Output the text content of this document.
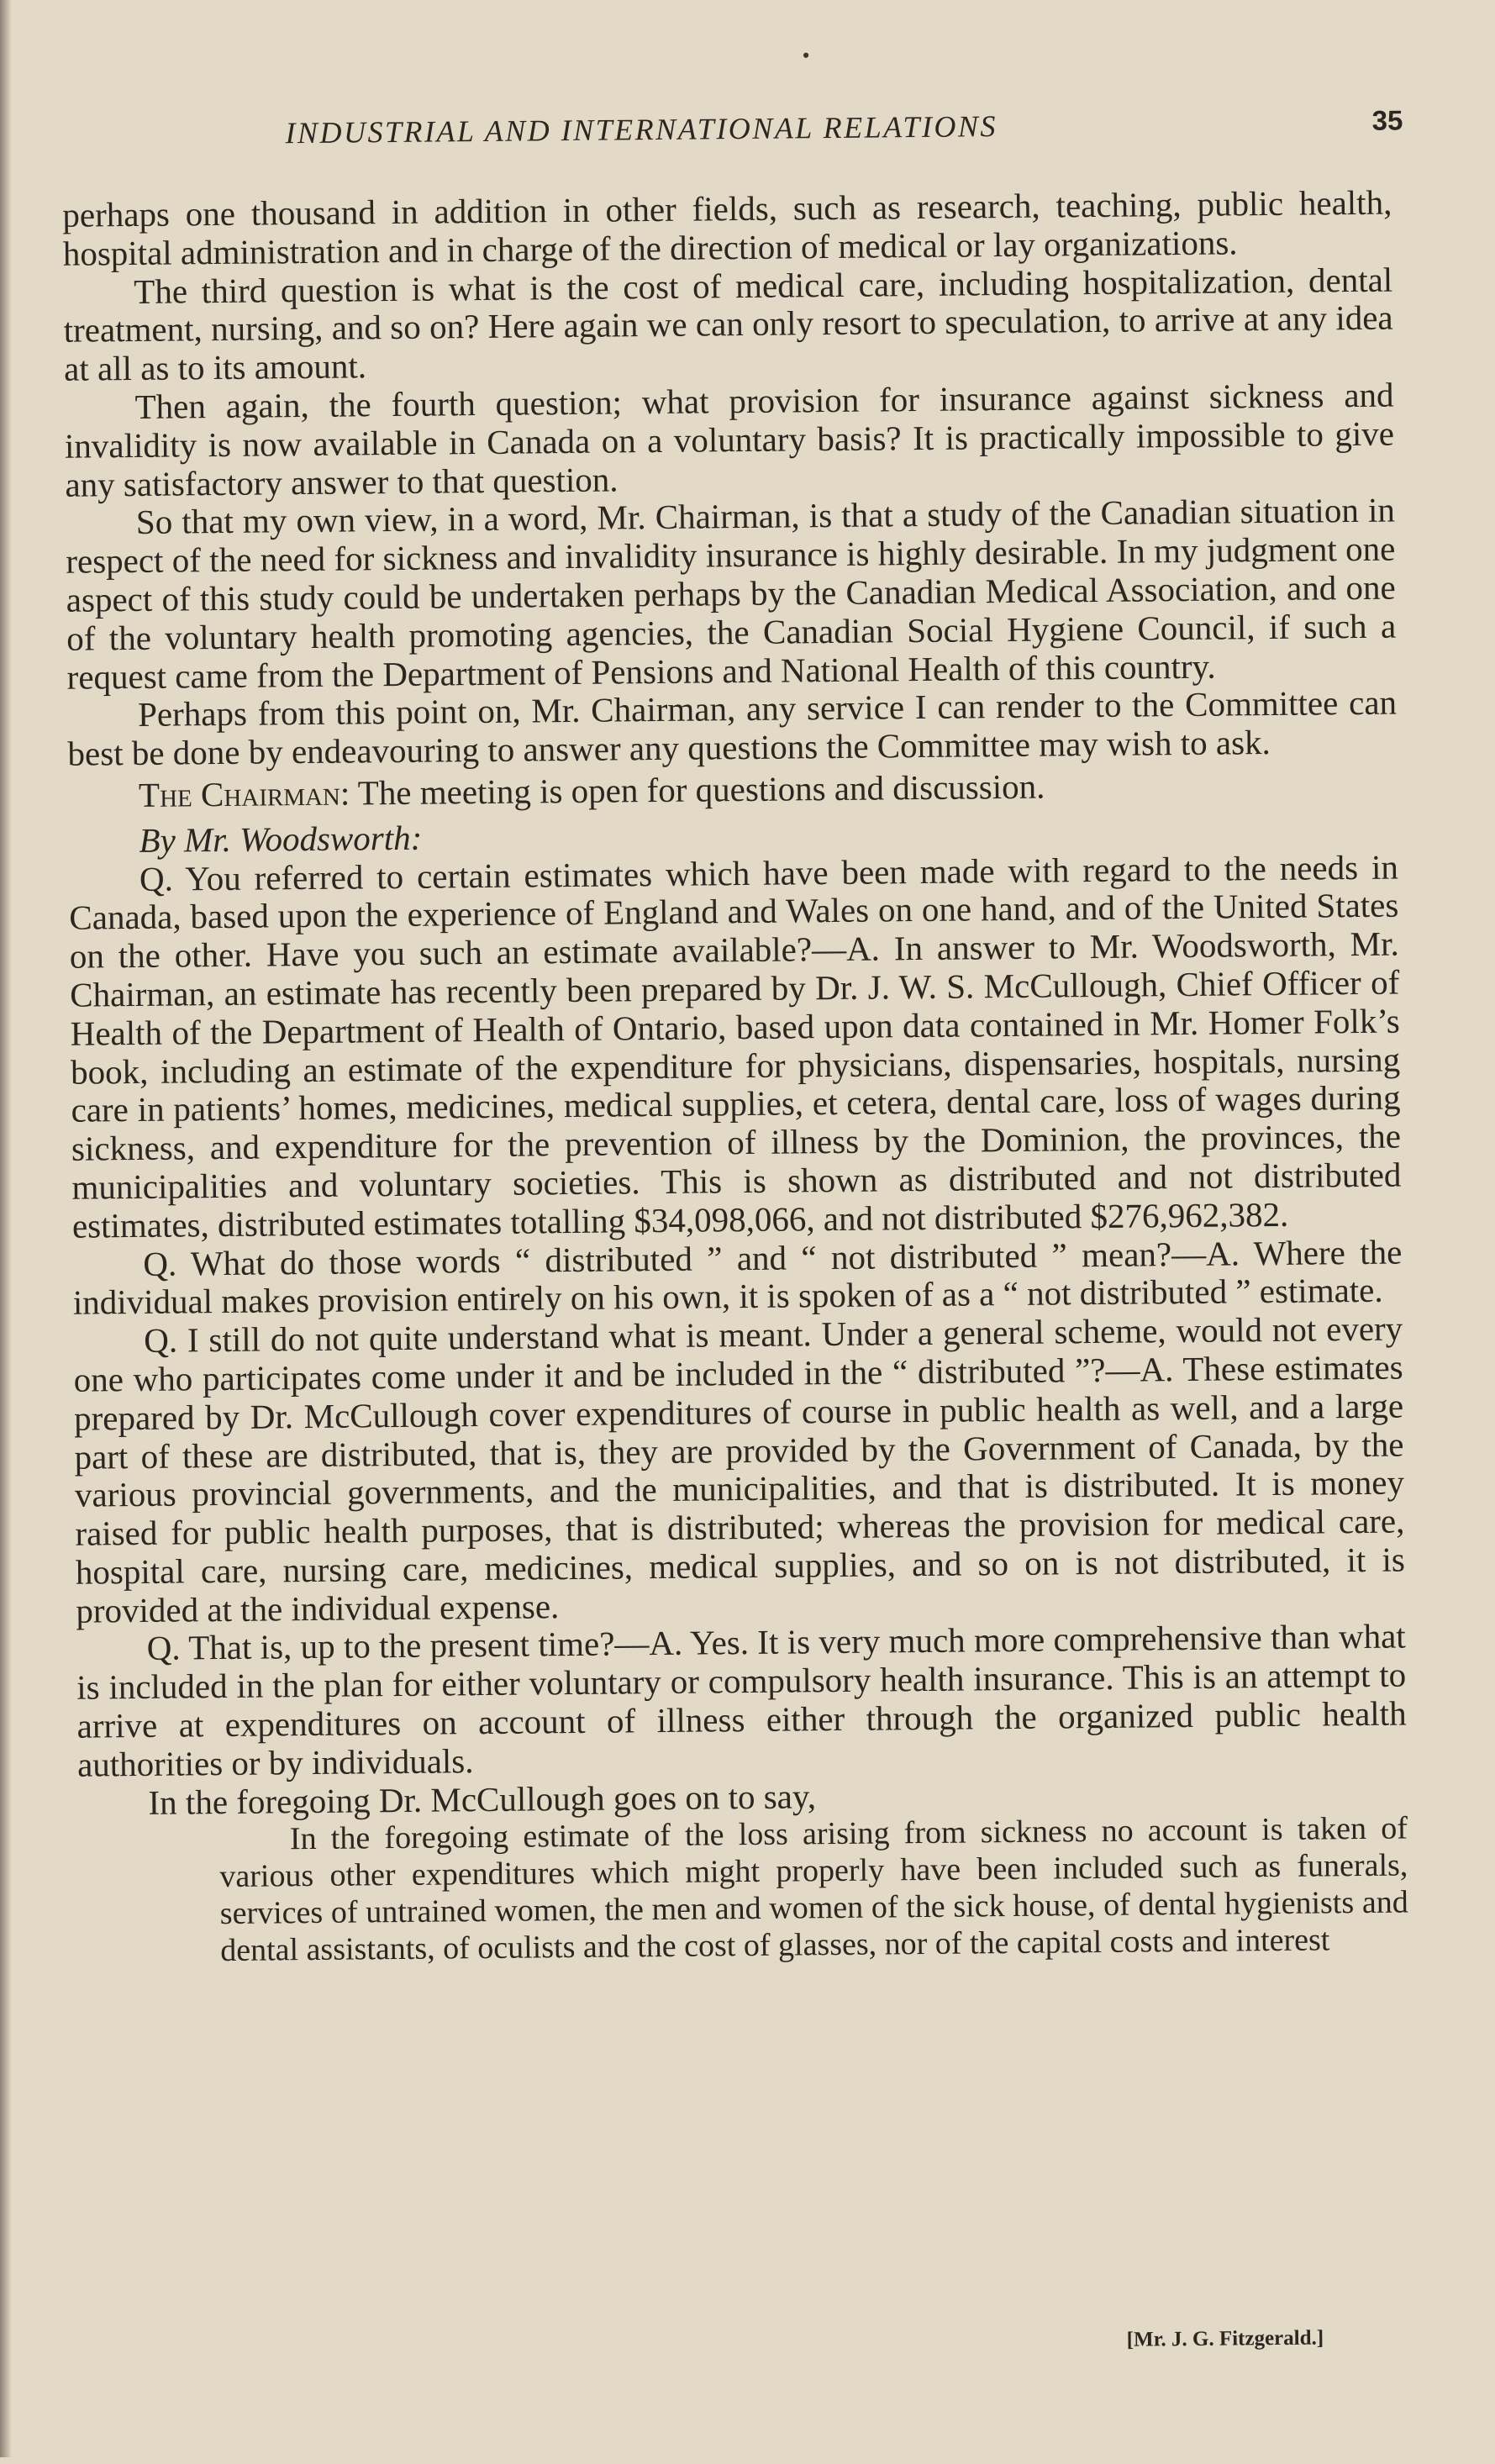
•
INDUSTRIAL AND INTERNATIONAL RELATIONS	35

perhaps one thousand in addition in other fields, such as research, teaching, public health, hospital administration and in charge of the direction of medical or lay organizations.

The third question is what is the cost of medical care, including hospitalization, dental treatment, nursing, and so on? Here again we can only resort to speculation, to arrive at any idea at all as to its amount.

Then again, the fourth question; what provision for insurance against sickness and invalidity is now available in Canada on a voluntary basis? It is practically impossible to give any satisfactory answer to that question.

So that my own view, in a word, Mr. Chairman, is that a study of the Canadian situation in respect of the need for sickness and invalidity insurance is highly desirable. In my judgment one aspect of this study could be undertaken perhaps by the Canadian Medical Association, and one of the voluntary health promoting agencies, the Canadian Social Hygiene Council, if such a request came from the Department of Pensions and National Health of this country.

Perhaps from this point on, Mr. Chairman, any service I can render to the Committee can best be done by endeavouring to answer any questions the Committee may wish to ask.

The Chairman: The meeting is open for questions and discussion.

By Mr. Woodsworth:

Q. You referred to certain estimates which have been made with regard to the needs in Canada, based upon the experience of England and Wales on one hand, and of the United States on the other. Have you such an estimate available?—A. In answer to Mr. Woodsworth, Mr. Chairman, an estimate has recently been prepared by Dr. J. W. S. McCullough, Chief Officer of Health of the Department of Health of Ontario, based upon data contained in Mr. Homer Folk’s book, including an estimate of the expenditure for physicians, dispensaries, hospitals, nursing care in patients’ homes, medicines, medical supplies, et cetera, dental care, loss of wages during sickness, and expenditure for the prevention of illness by the Dominion, the provinces, the municipalities and voluntary societies. This is shown as distributed and not distributed estimates, distributed estimates totalling $34,098,066, and not distributed $276,962,382.

Q. What do those words “ distributed ” and “ not distributed ” mean?—A. Where the individual makes provision entirely on his own, it is spoken of as a “ not distributed ” estimate.

Q. I still do not quite understand what is meant. Under a general scheme, would not every one who participates come under it and be included in the “ distributed ”?—A. These estimates prepared by Dr. McCullough cover expenditures of course in public health as well, and a large part of these are distributed, that is, they are provided by the Government of Canada, by the various provincial governments, and the municipalities, and that is distributed. It is money raised for public health purposes, that is distributed; whereas the provision for medical care, hospital care, nursing care, medicines, medical supplies, and so on is not distributed, it is provided at the individual expense.

Q. That is, up to the present time?—A. Yes. It is very much more comprehensive than what is included in the plan for either voluntary or compulsory health insurance. This is an attempt to arrive at expenditures on account of illness either through the organized public health authorities or by individuals.

In the foregoing Dr. McCullough goes on to say,

In the foregoing estimate of the loss arising from sickness no account is taken of various other expenditures which might properly have been included such as funerals, services of untrained women, the men and women of the sick house, of dental hygienists and dental assistants, of oculists and the cost of glasses, nor of the capital costs and interest

[Mr. J. G. Fitzgerald.]
